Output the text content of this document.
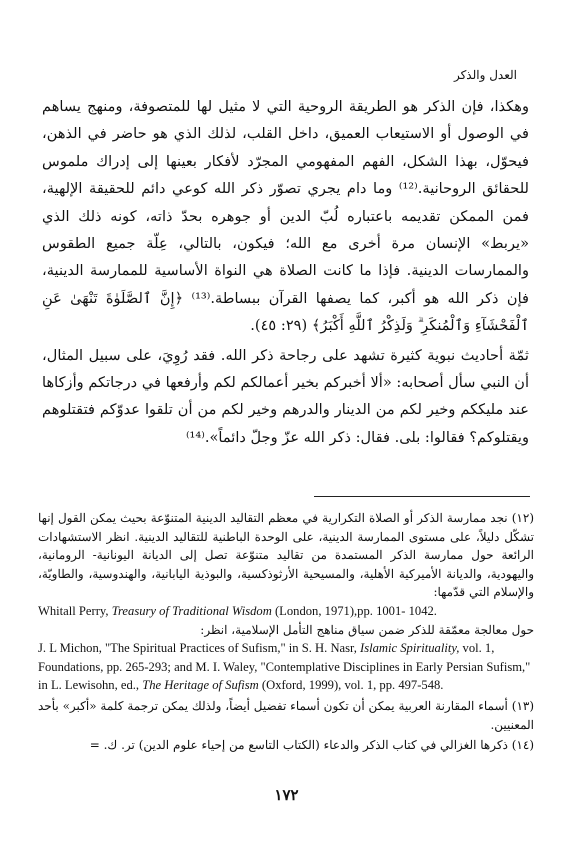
العدل والذكر

وهكذا، فإن الذكر هو الطريقة الروحية التي لا مثيل لها للمتصوفة، ومنهج يساهم في الوصول أو الاستيعاب العميق، داخل القلب، لذلك الذي هو حاضر في الذهن، فيحوّل، بهذا الشكل، الفهم المفهومي المجرّد لأفكار بعينها إلى إدراك ملموس للحقائق الروحانية.⁽¹²⁾ وما دام يجري تصوّر ذكر الله كوعي دائم للحقيقة الإلهية، فمن الممكن تقديمه باعتباره لُبّ الدين أو جوهره بحدّ ذاته، كونه ذلك الذي «يربط» الإنسان مرة أخرى مع الله؛ فيكون، بالتالي، عِلّة جميع الطقوس والممارسات الدينية. فإذا ما كانت الصلاة هي النواة الأساسية للممارسة الدينية، فإن ذكر الله هو أكبر، كما يصفها القرآن ببساطة.⁽¹³⁾ ﴿إِنَّ ٱلصَّلَوٰةَ تَنْهَىٰ عَنِ ٱلْفَحْشَآءِ وَٱلْمُنكَرِ ۗ وَلَذِكْرُ ٱللَّهِ أَكْبَرُ﴾ (٢٩: ٤٥).

ثمّة أحاديث نبوية كثيرة تشهد على رجاحة ذكر الله. فقد رُوِيَ، على سبيل المثال، أن النبي سأل أصحابه: «ألا أخبركم بخير أعمالكم لكم وأرفعها في درجاتكم وأزكاها عند مليككم وخير لكم من الدينار والدرهم وخير لكم من أن تلقوا عدوّكم فتقتلوهم ويقتلوكم؟ فقالوا: بلى. فقال: ذكر الله عزّ وجلّ دائماً».⁽¹⁴⁾

(١٢) نجد ممارسة الذكر أو الصلاة التكرارية في معظم التقاليد الدينية المتنوّعة بحيث يمكن القول إنها تشكّل دليلاً، على مستوى الممارسة الدينية، على الوحدة الباطنية للتقاليد الدينية. انظر الاستشهادات الرائعة حول ممارسة الذكر المستمدة من تقاليد متنوّعة تصل إلى الديانة اليونانية- الرومانية، واليهودية، والديانة الأميركية الأهلية، والمسيحية الأرثوذكسية، والبوذية اليابانية، والهندوسية، والطاويّة، والإسلام التي قدّمها:

Whitall Perry, Treasury of Traditional Wisdom (London, 1971),pp. 1001- 1042.

حول معالجة معمّقة للذكر ضمن سياق مناهج التأمل الإسلامية، انظر:

J. L Michon, "The Spiritual Practices of Sufism," in S. H. Nasr, Islamic Spirituality, vol. 1, Foundations, pp. 265-293; and M. I. Waley, "Contemplative Disciplines in Early Persian Sufism," in L. Lewisohn, ed., The Heritage of Sufism (Oxford, 1999), vol. 1, pp. 497-548.

(١٣) أسماء المقارنة العربية يمكن أن تكون أسماء تفضيل أيضاً، ولذلك يمكن ترجمة كلمة «أكبر» بأحد المعنيين.
(١٤) ذكرها الغزالي في كتاب الذكر والدعاء (الكتاب التاسع من إحياء علوم الدين) تر. ك. =
١٧٢
